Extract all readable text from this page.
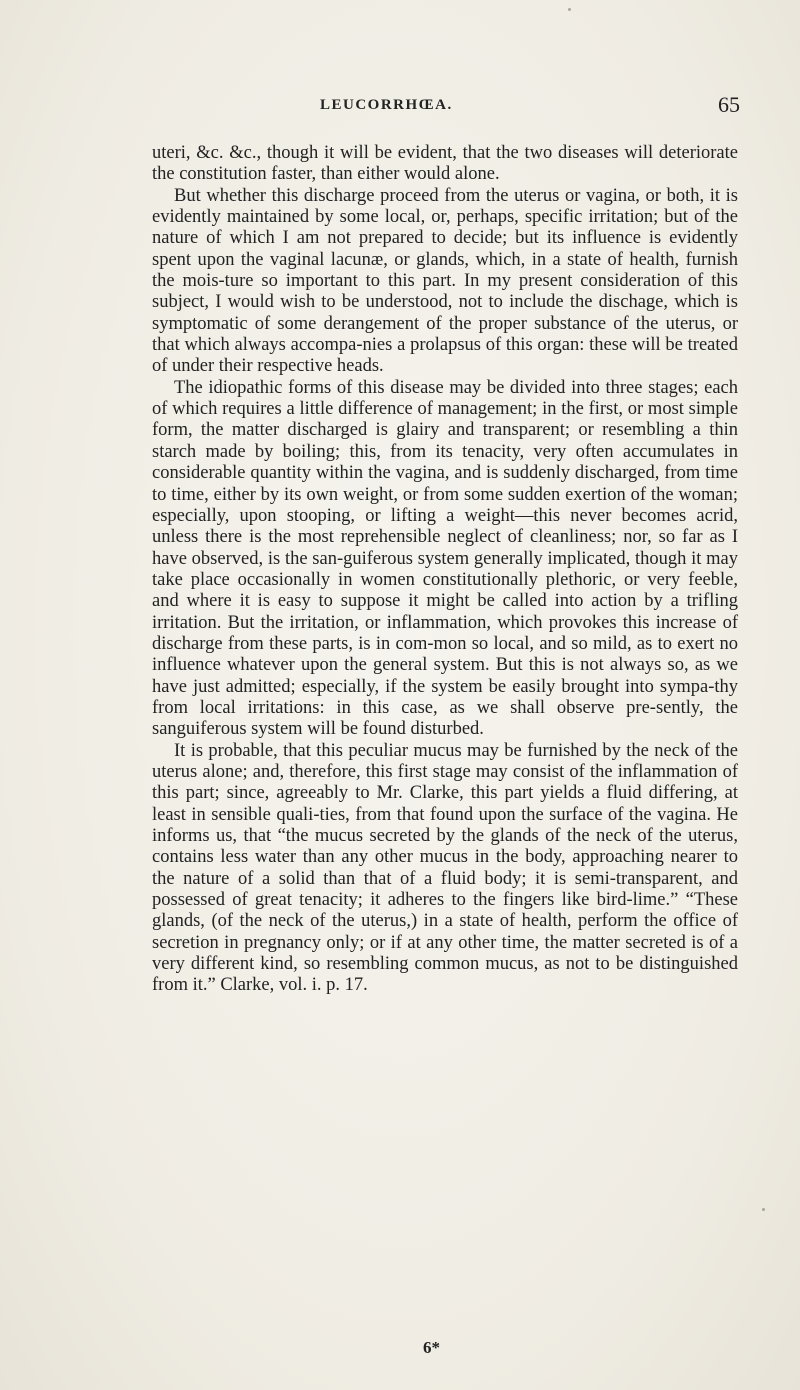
LEUCORRHŒA.	65

uteri, &c. &c., though it will be evident, that the two diseases will deteriorate the constitution faster, than either would alone.

But whether this discharge proceed from the uterus or vagina, or both, it is evidently maintained by some local, or, perhaps, specific irritation; but of the nature of which I am not prepared to decide; but its influence is evidently spent upon the vaginal lacunæ, or glands, which, in a state of health, furnish the mois-ture so important to this part. In my present consideration of this subject, I would wish to be understood, not to include the dischage, which is symptomatic of some derangement of the proper substance of the uterus, or that which always accompa-nies a prolapsus of this organ: these will be treated of under their respective heads.

The idiopathic forms of this disease may be divided into three stages; each of which requires a little difference of management; in the first, or most simple form, the matter discharged is glairy and transparent; or resembling a thin starch made by boiling; this, from its tenacity, very often accumulates in considerable quantity within the vagina, and is suddenly discharged, from time to time, either by its own weight, or from some sudden exertion of the woman; especially, upon stooping, or lifting a weight—this never becomes acrid, unless there is the most reprehensible neglect of cleanliness; nor, so far as I have observed, is the san-guiferous system generally implicated, though it may take place occasionally in women constitutionally plethoric, or very feeble, and where it is easy to suppose it might be called into action by a trifling irritation. But the irritation, or inflammation, which provokes this increase of discharge from these parts, is in com-mon so local, and so mild, as to exert no influence whatever upon the general system. But this is not always so, as we have just admitted; especially, if the system be easily brought into sympa-thy from local irritations: in this case, as we shall observe pre-sently, the sanguiferous system will be found disturbed.

It is probable, that this peculiar mucus may be furnished by the neck of the uterus alone; and, therefore, this first stage may consist of the inflammation of this part; since, agreeably to Mr. Clarke, this part yields a fluid differing, at least in sensible quali-ties, from that found upon the surface of the vagina. He informs us, that “the mucus secreted by the glands of the neck of the uterus, contains less water than any other mucus in the body, approaching nearer to the nature of a solid than that of a fluid body; it is semi-transparent, and possessed of great tenacity; it adheres to the fingers like bird-lime.” “These glands, (of the neck of the uterus,) in a state of health, perform the office of secretion in pregnancy only; or if at any other time, the matter secreted is of a very different kind, so resembling common mucus, as not to be distinguished from it.” Clarke, vol. i. p. 17.

6*
